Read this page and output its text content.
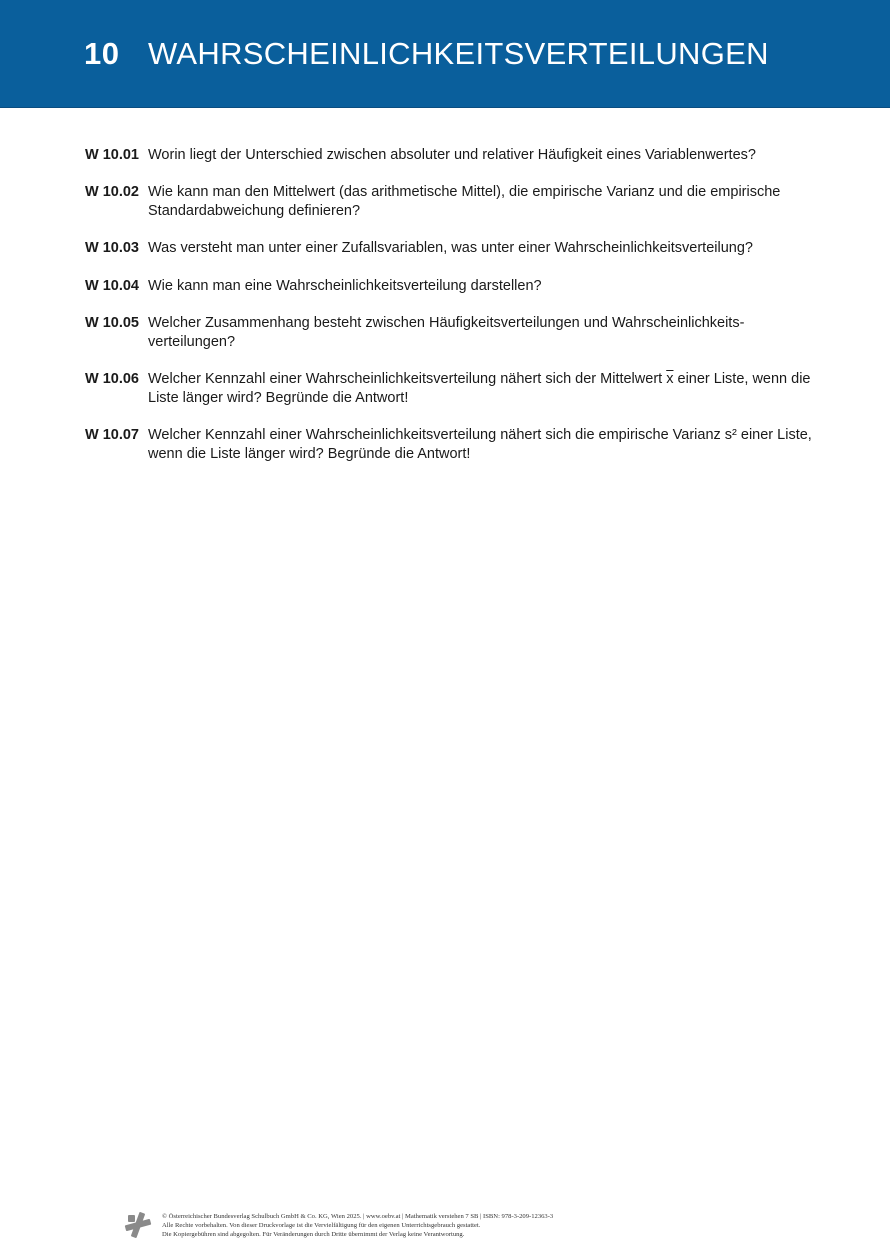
10 WAHRSCHEINLICHKEITSVERTEILUNGEN
W 10.01 Worin liegt der Unterschied zwischen absoluter und relativer Häufigkeit eines Variablenwertes?
W 10.02 Wie kann man den Mittelwert (das arithmetische Mittel), die empirische Varianz und die empirische Standardabweichung definieren?
W 10.03 Was versteht man unter einer Zufallsvariablen, was unter einer Wahrscheinlichkeitsverteilung?
W 10.04 Wie kann man eine Wahrscheinlichkeitsverteilung darstellen?
W 10.05 Welcher Zusammenhang besteht zwischen Häufigkeitsverteilungen und Wahrscheinlichkeits-verteilungen?
W 10.06 Welcher Kennzahl einer Wahrscheinlichkeitsverteilung nähert sich der Mittelwert $\overline{x}$ einer Liste, wenn die Liste länger wird? Begründe die Antwort!
W 10.07 Welcher Kennzahl einer Wahrscheinlichkeitsverteilung nähert sich die empirische Varianz s² einer Liste, wenn die Liste länger wird? Begründe die Antwort!
© Österreichischer Bundesverlag Schulbuch GmbH & Co. KG, Wien 2025. | www.oebv.at | Mathematik verstehen 7 SB | ISBN: 978-3-209-12363-3
Alle Rechte vorbehalten. Von dieser Druckvorlage ist die Vervielfältigung für den eigenen Unterrichtsgebrauch gestattet.
Die Kopiergebühren sind abgegolten. Für Veränderungen durch Dritte übernimmt der Verlag keine Verantwortung.
